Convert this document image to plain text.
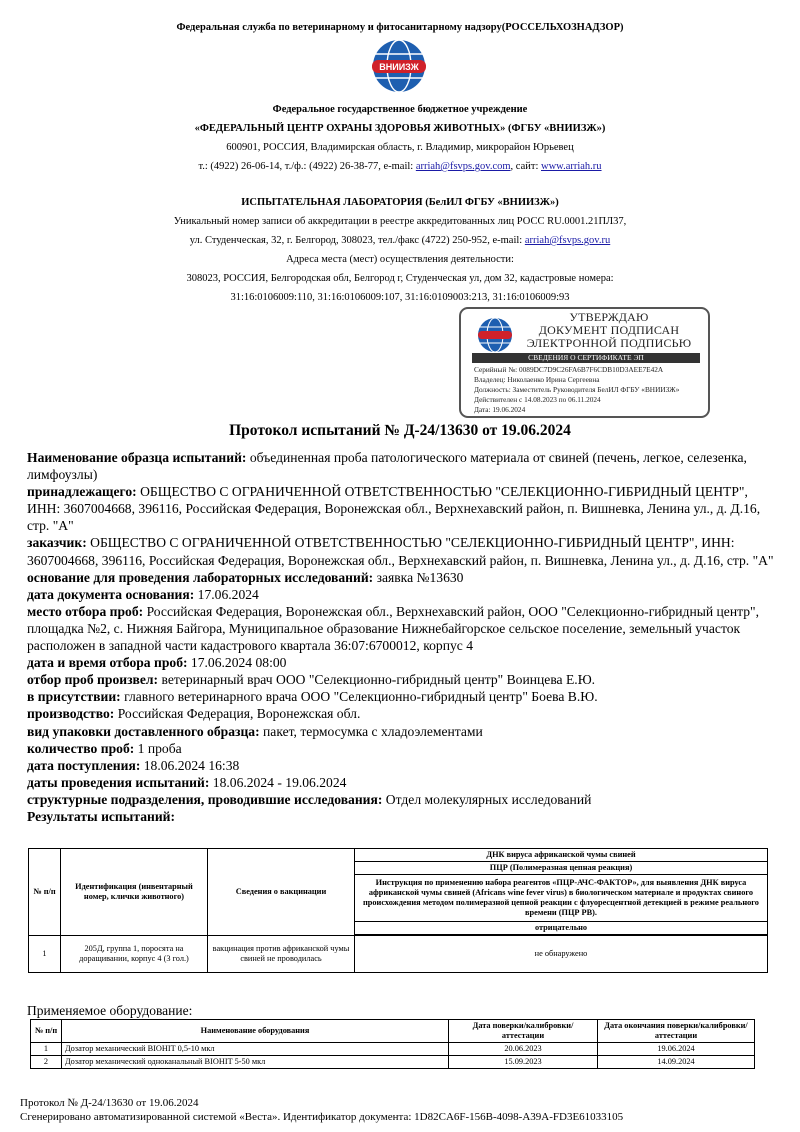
Федеральная служба по ветеринарному и фитосанитарному надзору(РОССЕЛЬХОЗНАДЗОР)
ВНИИЗЖ
Федеральное государственное бюджетное учреждение
«ФЕДЕРАЛЬНЫЙ ЦЕНТР ОХРАНЫ ЗДОРОВЬЯ ЖИВОТНЫХ» (ФГБУ «ВНИИЗЖ»)
600901, РОССИЯ, Владимирская область, г. Владимир, микрорайон Юрьевец
т.: (4922) 26-06-14, т./ф.: (4922) 26-38-77, e-mail: arriah@fsvps.gov.com, сайт: www.arriah.ru
ИСПЫТАТЕЛЬНАЯ ЛАБОРАТОРИЯ (БелИЛ ФГБУ «ВНИИЗЖ»)
Уникальный номер записи об аккредитации в реестре аккредитованных лиц РОСС RU.0001.21ПЛ37,
ул. Студенческая, 32, г. Белгород, 308023, тел./факс (4722) 250-952, e-mail: arriah@fsvps.gov.ru
Адреса места (мест) осуществления деятельности:
308023, РОССИЯ, Белгородская обл, Белгород г, Студенческая ул, дом 32, кадастровые номера:
31:16:0106009:110, 31:16:0106009:107, 31:16:0109003:213, 31:16:0106009:93
УТВЕРЖДАЮ
ДОКУМЕНТ ПОДПИСАН
ЭЛЕКТРОННОЙ ПОДПИСЬЮ
СВЕДЕНИЯ О СЕРТИФИКАТЕ ЭП
Серийный №: 0089DC7D9C26FA6B7F6CDB10D3AEE7E42A
Владелец: Николаенко Ирина Сергеевна
Должность: Заместитель Руководителя БелИЛ ФГБУ «ВНИИЗЖ»
Действителен с 14.08.2023 по 06.11.2024
Дата: 19.06.2024
Протокол испытаний № Д-24/13630 от 19.06.2024

Наименование образца испытаний: объединенная проба патологического материала от свиней (печень, легкое, селезенка, лимфоузлы)

принадлежащего: ОБЩЕСТВО С ОГРАНИЧЕННОЙ ОТВЕТСТВЕННОСТЬЮ "СЕЛЕКЦИОННО-ГИБРИДНЫЙ ЦЕНТР", ИНН: 3607004668, 396116, Российская Федерация, Воронежская обл., Верхнехавский район, п. Вишневка, Ленина ул., д. Д.16, стр. "А"

заказчик: ОБЩЕСТВО С ОГРАНИЧЕННОЙ ОТВЕТСТВЕННОСТЬЮ "СЕЛЕКЦИОННО-ГИБРИДНЫЙ ЦЕНТР", ИНН: 3607004668, 396116, Российская Федерация, Воронежская обл., Верхнехавский район, п. Вишневка, Ленина ул., д. Д.16, стр. "А"

основание для проведения лабораторных исследований: заявка №13630

дата документа основания: 17.06.2024

место отбора проб: Российская Федерация, Воронежская обл., Верхнехавский район, ООО "Селекционно-гибридный центр", площадка №2, с. Нижняя Байгора, Муниципальное образование Нижнебайгорское сельское поселение, земельный участок расположен в западной части кадастрового квартала 36:07:6700012, корпус 4

дата и время отбора проб: 17.06.2024 08:00

отбор проб произвел: ветеринарный врач ООО "Селекционно-гибридный центр" Воинцева Е.Ю.

в присутствии: главного ветеринарного врача ООО "Селекционно-гибридный центр" Боева В.Ю.

производство: Российская Федерация, Воронежская обл.

вид упаковки доставленного образца: пакет, термосумка с хладоэлементами

количество проб: 1 проба

дата поступления: 18.06.2024 16:38

даты проведения испытаний: 18.06.2024 - 19.06.2024

структурные подразделения, проводившие исследования: Отдел молекулярных исследований

Результаты испытаний:

№ п/п	Идентификация (инвентарный номер, клички животного)	Сведения о вакцинации	ДНК вируса африканской чумы свиней
			ПЦР (Полимеразная цепная реакция)
			Инструкция по применению набора реагентов «ПЦР-АЧС-ФАКТОР», для выявления ДНК вируса африканской чумы свиней (Africans wine fever virus) в биологическом материале и продуктах свиного происхождения методом полимеразной цепной реакции с флуоресцентной детекцией в режиме реального времени (ПЦР РВ).
			отрицательно

1	205Д, группа 1, поросята на доращивании, корпус 4 (3 гол.)	вакцинация против африканской чумы свиней не проводилась	не обнаружено
Применяемое оборудование:
№ п/п	Наименование оборудования	Дата поверки/калибровки/аттестации	Дата окончания поверки/калибровки/аттестации
1	Дозатор механический BIOHIT 0,5-10 мкл	20.06.2023	19.06.2024
2	Дозатор механический одноканальный BIOHIT 5-50 мкл	15.09.2023	14.09.2024
Протокол № Д-24/13630 от 19.06.2024
Сгенерировано автоматизированной системой «Веста». Идентификатор документа: 1D82CA6F-156B-4098-A39A-FD3E61033105
